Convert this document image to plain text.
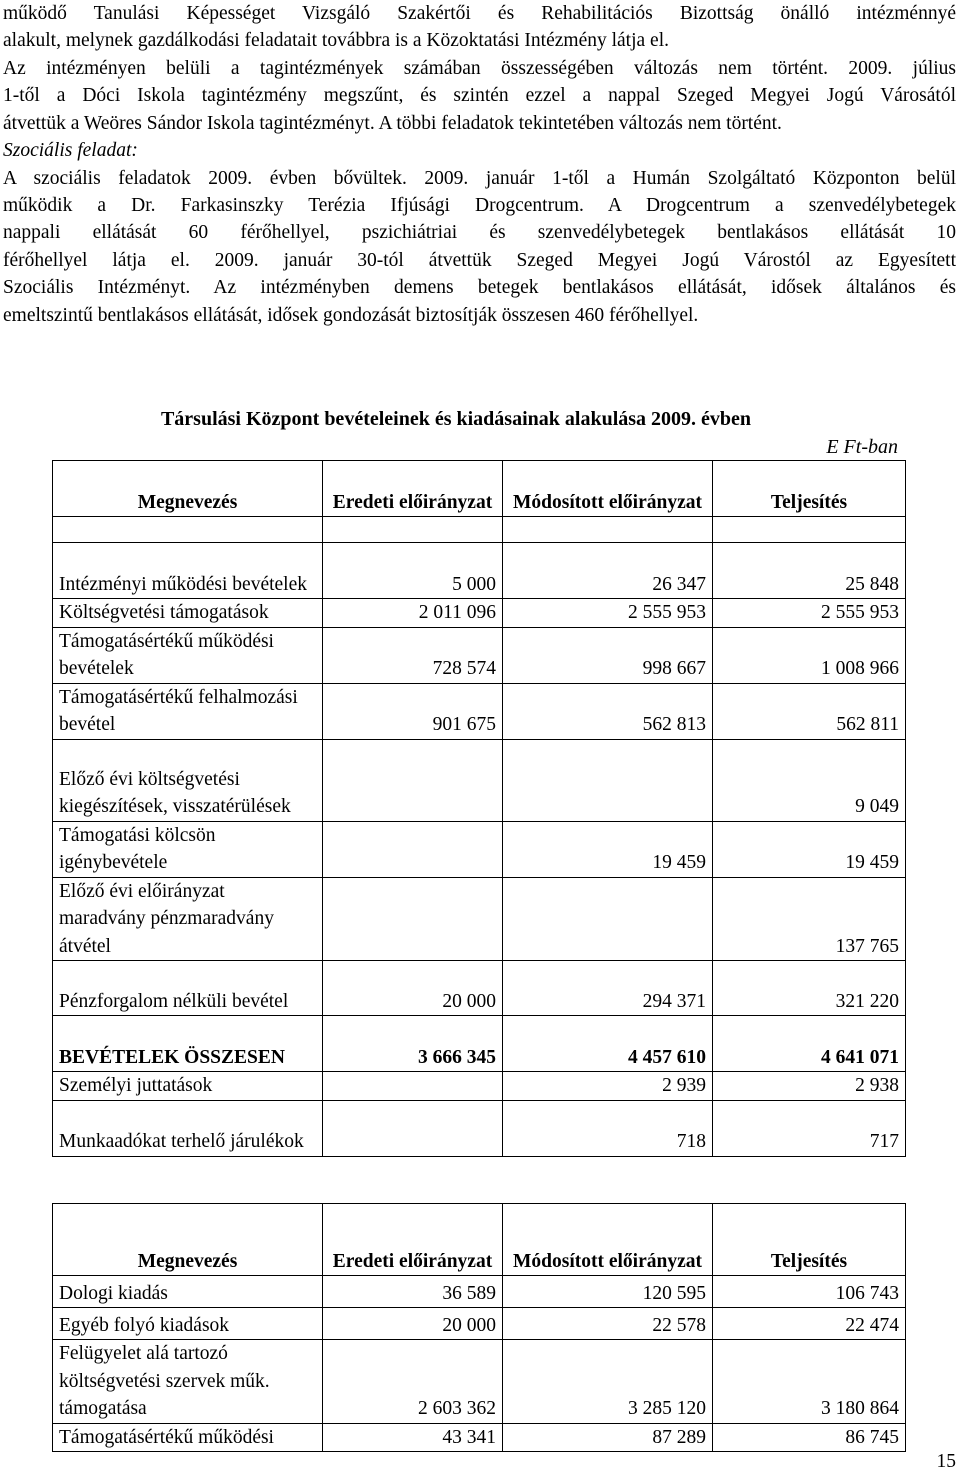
működő Tanulási Képességet Vizsgáló Szakértői és Rehabilitációs Bizottság önálló intézménnyé
alakult, melynek gazdálkodási feladatait továbbra is a Közoktatási Intézmény látja el.
Az intézményen belüli a tagintézmények számában összességében változás nem történt. 2009. július
1-től a Dóci Iskola tagintézmény megszűnt, és szintén ezzel a nappal Szeged Megyei Jogú Városától
átvettük a Weöres Sándor Iskola tagintézményt. A többi feladatok tekintetében változás nem történt.
Szociális feladat:
A szociális feladatok 2009. évben bővültek. 2009. január 1-től a Humán Szolgáltató Központon belül
működik a Dr. Farkasinszky Terézia Ifjúsági Drogcentrum. A Drogcentrum a szenvedélybetegek
nappali ellátását 60 férőhellyel, pszichiátriai és szenvedélybetegek bentlakásos ellátását 10
férőhellyel látja el. 2009. január 30-tól átvettük Szeged Megyei Jogú Várostól az Egyesített
Szociális Intézményt. Az intézményben demens betegek bentlakásos ellátását, idősek általános és
emeltszintű bentlakásos ellátását, idősek gondozását biztosítják összesen 460 férőhellyel.
Társulási Központ bevételeinek és kiadásainak alakulása 2009. évben
E Ft-ban
Megnevezés	Eredeti előirányzat	Módosított előirányzat	Teljesítés

Intézményi működési bevételek	5 000	26 347	25 848
Költségvetési támogatások	2 011 096	2 555 953	2 555 953
Támogatásértékű működési bevételek	728 574	998 667	1 008 966
Támogatásértékű felhalmozási bevétel	901 675	562 813	562 811
Előző évi költségvetési kiegészítések, visszatérülések			9 049
Támogatási kölcsön igénybevétele		19 459	19 459
Előző évi előirányzat maradvány pénzmaradvány átvétel			137 765
Pénzforgalom nélküli bevétel	20 000	294 371	321 220
BEVÉTELEK ÖSSZESEN	3 666 345	4 457 610	4 641 071
Személyi juttatások		2 939	2 938
Munkaadókat terhelő járulékok		718	717
Megnevezés	Eredeti előirányzat	Módosított előirányzat	Teljesítés
Dologi kiadás	36 589	120 595	106 743
Egyéb folyó kiadások	20 000	22 578	22 474
Felügyelet alá tartozó költségvetési szervek műk. támogatása	2 603 362	3 285 120	3 180 864
Támogatásértékű működési	43 341	87 289	86 745
15
